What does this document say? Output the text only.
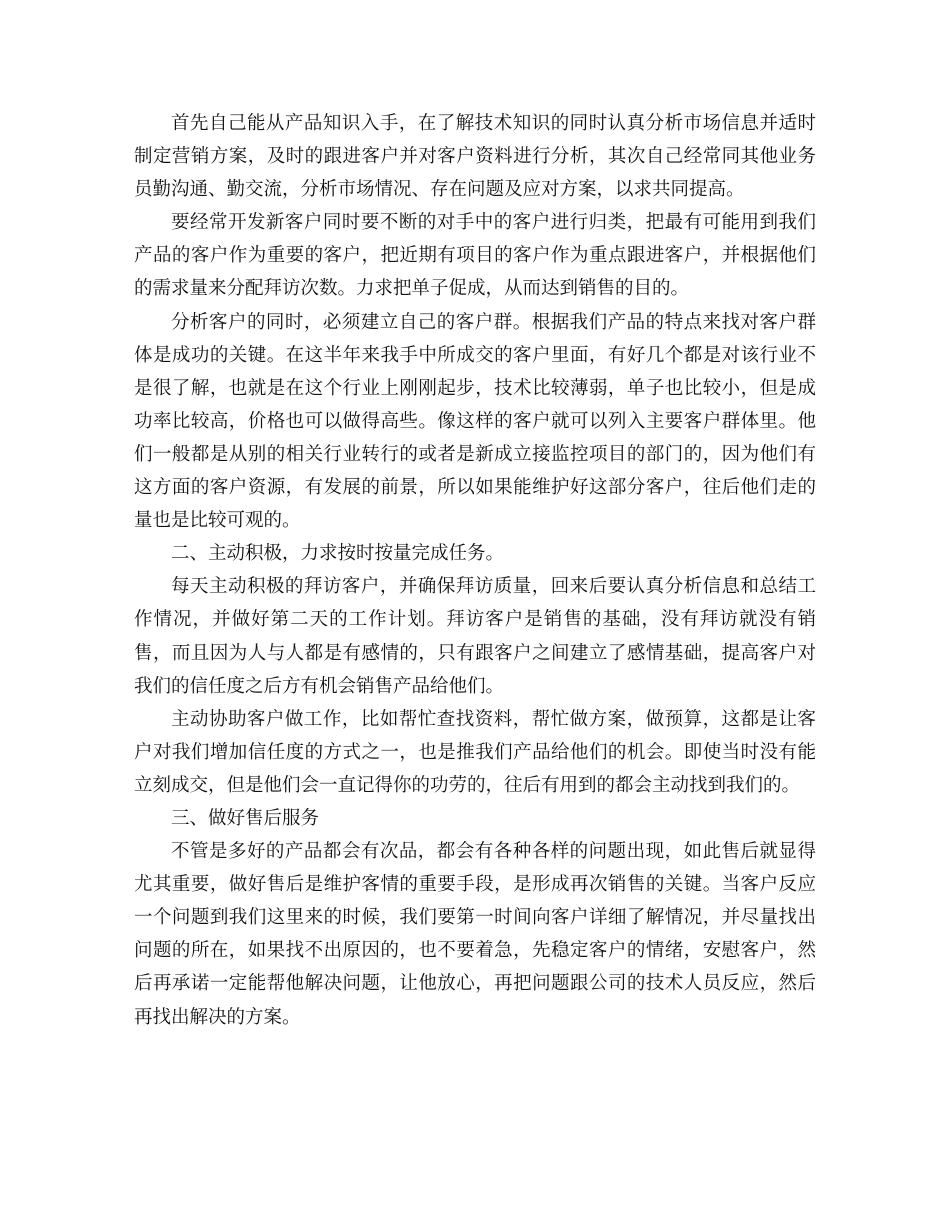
首先自己能从产品知识入手，在了解技术知识的同时认真分析市场信息并适时制定营销方案，及时的跟进客户并对客户资料进行分析，其次自己经常同其他业务员勤沟通、勤交流，分析市场情况、存在问题及应对方案，以求共同提高。

要经常开发新客户同时要不断的对手中的客户进行归类，把最有可能用到我们产品的客户作为重要的客户，把近期有项目的客户作为重点跟进客户，并根据他们的需求量来分配拜访次数。力求把单子促成，从而达到销售的目的。

分析客户的同时，必须建立自己的客户群。根据我们产品的特点来找对客户群体是成功的关键。在这半年来我手中所成交的客户里面，有好几个都是对该行业不是很了解，也就是在这个行业上刚刚起步，技术比较薄弱，单子也比较小，但是成功率比较高，价格也可以做得高些。像这样的客户就可以列入主要客户群体里。他们一般都是从别的相关行业转行的或者是新成立接监控项目的部门的，因为他们有这方面的客户资源，有发展的前景，所以如果能维护好这部分客户，往后他们走的量也是比较可观的。

二、主动积极，力求按时按量完成任务。

每天主动积极的拜访客户，并确保拜访质量，回来后要认真分析信息和总结工作情况，并做好第二天的工作计划。拜访客户是销售的基础，没有拜访就没有销售，而且因为人与人都是有感情的，只有跟客户之间建立了感情基础，提高客户对我们的信任度之后方有机会销售产品给他们。

主动协助客户做工作，比如帮忙查找资料，帮忙做方案，做预算，这都是让客户对我们增加信任度的方式之一，也是推我们产品给他们的机会。即使当时没有能立刻成交，但是他们会一直记得你的功劳的，往后有用到的都会主动找到我们的。

三、做好售后服务

不管是多好的产品都会有次品，都会有各种各样的问题出现，如此售后就显得尤其重要，做好售后是维护客情的重要手段，是形成再次销售的关键。当客户反应一个问题到我们这里来的时候，我们要第一时间向客户详细了解情况，并尽量找出问题的所在，如果找不出原因的，也不要着急，先稳定客户的情绪，安慰客户，然后再承诺一定能帮他解决问题，让他放心，再把问题跟公司的技术人员反应，然后再找出解决的方案。
